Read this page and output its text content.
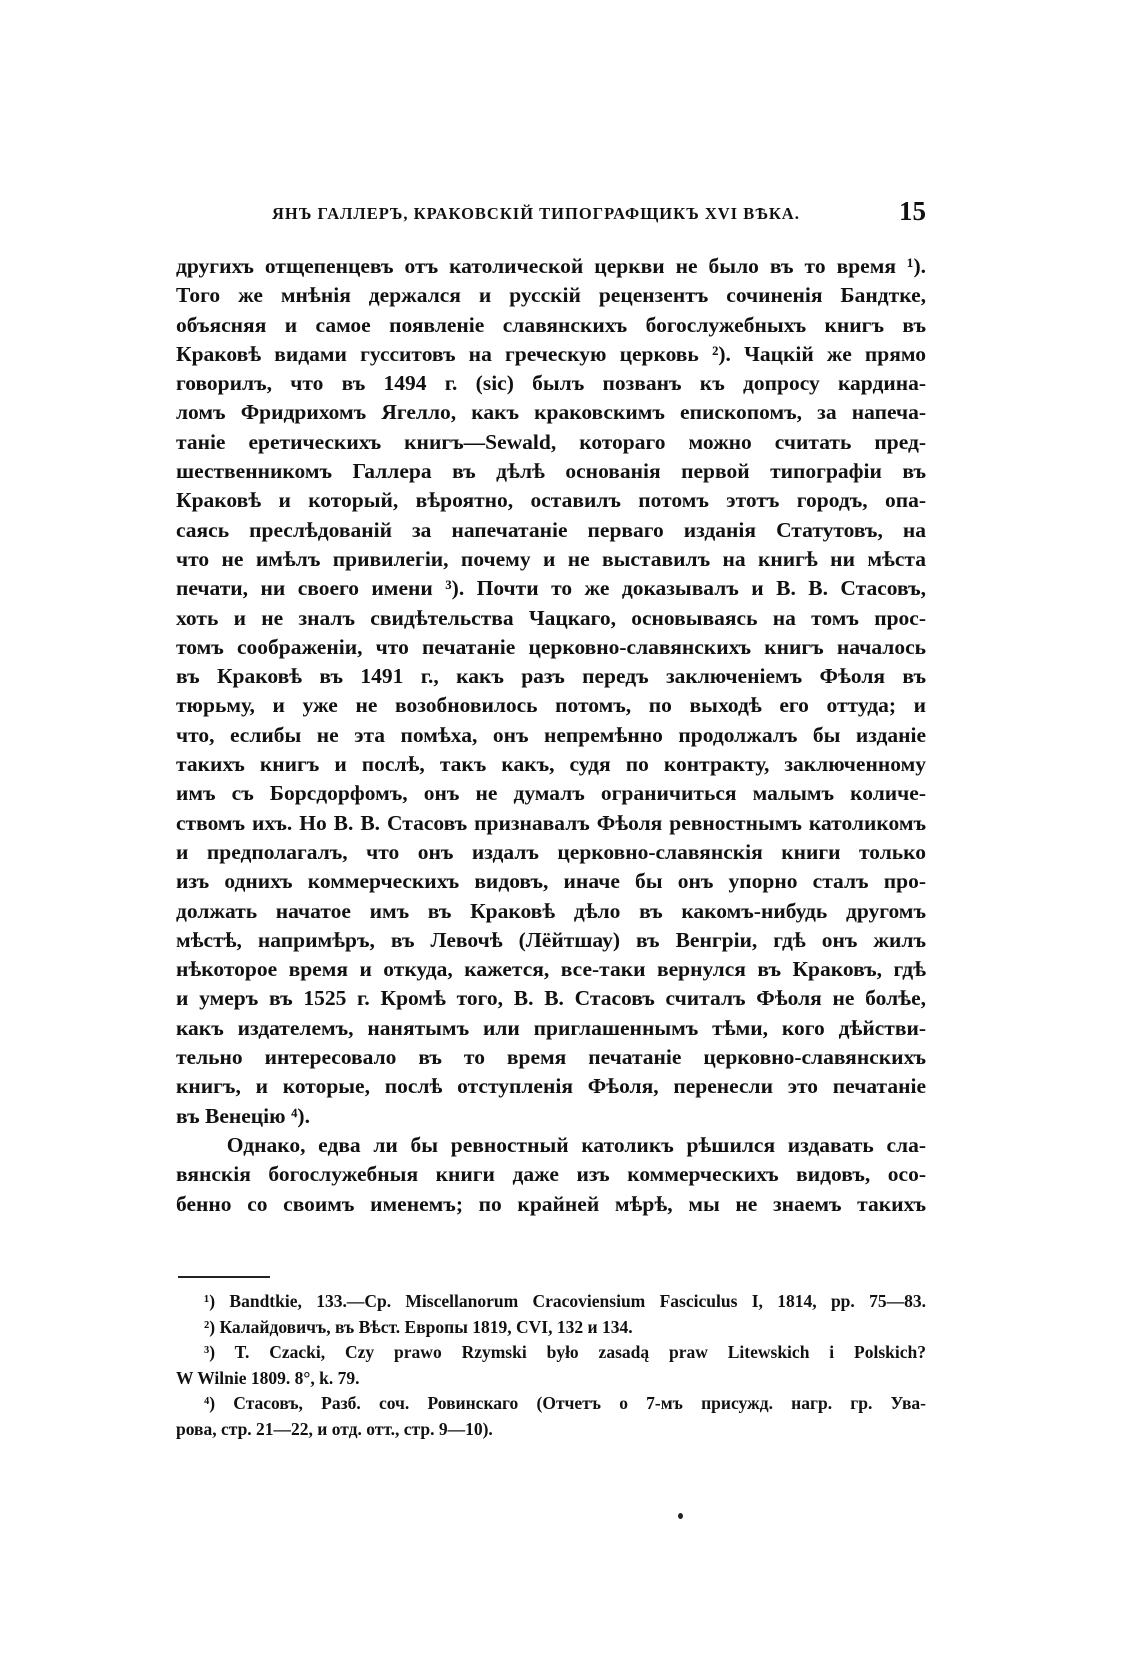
ЯНЪ ГАЛЛЕРЪ, КРАКОВСКІЙ ТИПОГРАФЩИКЪ XVI ВѢКА.	15
другихъ отщепенцевъ отъ католической церкви не было въ то время ¹).
Того же мнѣнія держался и русскій рецензентъ сочиненія Бандтке,
объясняя и самое появленіе славянскихъ богослужебныхъ книгъ въ
Краковѣ видами гусситовъ на греческую церковь ²). Чацкій же прямо
говорилъ, что въ 1494 г. (sic) былъ позванъ къ допросу кардина-
ломъ Фридрихомъ Ягелло, какъ краковскимъ епископомъ, за напеча-
таніе еретическихъ книгъ—Sewald, котораго можно считать пред-
шественникомъ Галлера въ дѣлѣ основанія первой типографіи въ
Краковѣ и который, вѣроятно, оставилъ потомъ этотъ городъ, опа-
саясь преслѣдованій за напечатаніе перваго изданія Статутовъ, на
что не имѣлъ привилегіи, почему и не выставилъ на книгѣ ни мѣста
печати, ни своего имени ³). Почти то же доказывалъ и В. В. Стасовъ,
хоть и не зналъ свидѣтельства Чацкаго, основываясь на томъ прос-
томъ соображеніи, что печатаніе церковно-славянскихъ книгъ началось
въ Краковѣ въ 1491 г., какъ разъ передъ заключеніемъ Фѣоля въ
тюрьму, и уже не возобновилось потомъ, по выходѣ его оттуда; и
что, еслибы не эта помѣха, онъ непремѣнно продолжалъ бы изданіе
такихъ книгъ и послѣ, такъ какъ, судя по контракту, заключенному
имъ съ Борсдорфомъ, онъ не думалъ ограничиться малымъ количе-
ствомъ ихъ. Но В. В. Стасовъ признавалъ Фѣоля ревностнымъ католикомъ
и предполагалъ, что онъ издалъ церковно-славянскія книги только
изъ однихъ коммерческихъ видовъ, иначе бы онъ упорно сталъ про-
должать начатое имъ въ Краковѣ дѣло въ какомъ-нибудь другомъ
мѣстѣ, напримѣръ, въ Левочѣ (Лёйтшау) въ Венгріи, гдѣ онъ жилъ
нѣкоторое время и откуда, кажется, все-таки вернулся въ Краковъ, гдѣ
и умеръ въ 1525 г. Кромѣ того, В. В. Стасовъ считалъ Фѣоля не болѣе,
какъ издателемъ, нанятымъ или приглашеннымъ тѣми, кого дѣйстви-
тельно интересовало въ то время печатаніе церковно-славянскихъ
книгъ, и которые, послѣ отступленія Фѣоля, перенесли это печатаніе
въ Венецію ⁴).
Однако, едва ли бы ревностный католикъ рѣшился издавать сла-
вянскія богослужебныя книги даже изъ коммерческихъ видовъ, осо-
бенно со своимъ именемъ; по крайней мѣрѣ, мы не знаемъ такихъ
¹) Bandtkie, 133.—Ср. Miscellanorum Cracoviensium Fasciculus I, 1814, pp. 75—83.
²) Калайдовичъ, въ Вѣст. Европы 1819, CVI, 132 и 134.
³) T. Czacki, Czy prawo Rzymski było zasadą praw Litewskich i Polskich?
W Wilnie 1809. 8°, k. 79.
⁴) Стасовъ, Разб. соч. Ровинскаго (Отчетъ о 7-мъ присужд. нагр. гр. Ува-
рова, стр. 21—22, и отд. отт., стр. 9—10).
